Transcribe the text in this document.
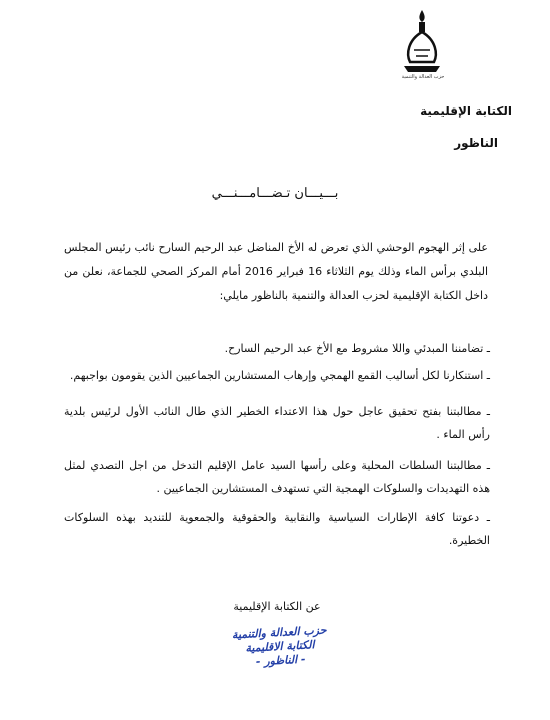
حزب العدالة والتنمية
الكتابة الإقليمية
الناظور
بـــيـــان تـضـــامـــنـــي
على إثر الهجوم الوحشي الذي تعرض له الأخ المناضل عبد الرحيم السارح نائب رئيس المجلس البلدي برأس الماء وذلك يوم الثلاثاء 16 فبراير 2016 أمام المركز الصحي للجماعة، نعلن من داخل الكتابة الإقليمية لحزب العدالة والتنمية بالناظور مايلي:
ـ تضامننا المبدئي واللا مشروط مع الأخ عبد الرحيم السارح.
ـ استنكارنا لكل أساليب القمع الهمجي وإرهاب المستشارين الجماعيين الذين يقومون بواجبهم.
ـ مطالبتنا بفتح تحقيق عاجل حول هذا الاعتداء الخطير الذي طال النائب الأول لرئيس بلدية رأس الماء .
ـ مطالبتنا السلطات المحلية وعلى رأسها السيد عامل الإقليم التدخل من اجل التصدي لمثل هذه التهديدات والسلوكات الهمجية التي تستهدف المستشارين الجماعيين .
ـ دعوتنا كافة الإطارات السياسية والنقابية والحقوقية والجمعوية للتنديد بهذه السلوكات الخطيرة.
عن الكتابة الإقليمية
حزب العدالة والتنمية
الكتابة الاقليمية
- الناظور -
